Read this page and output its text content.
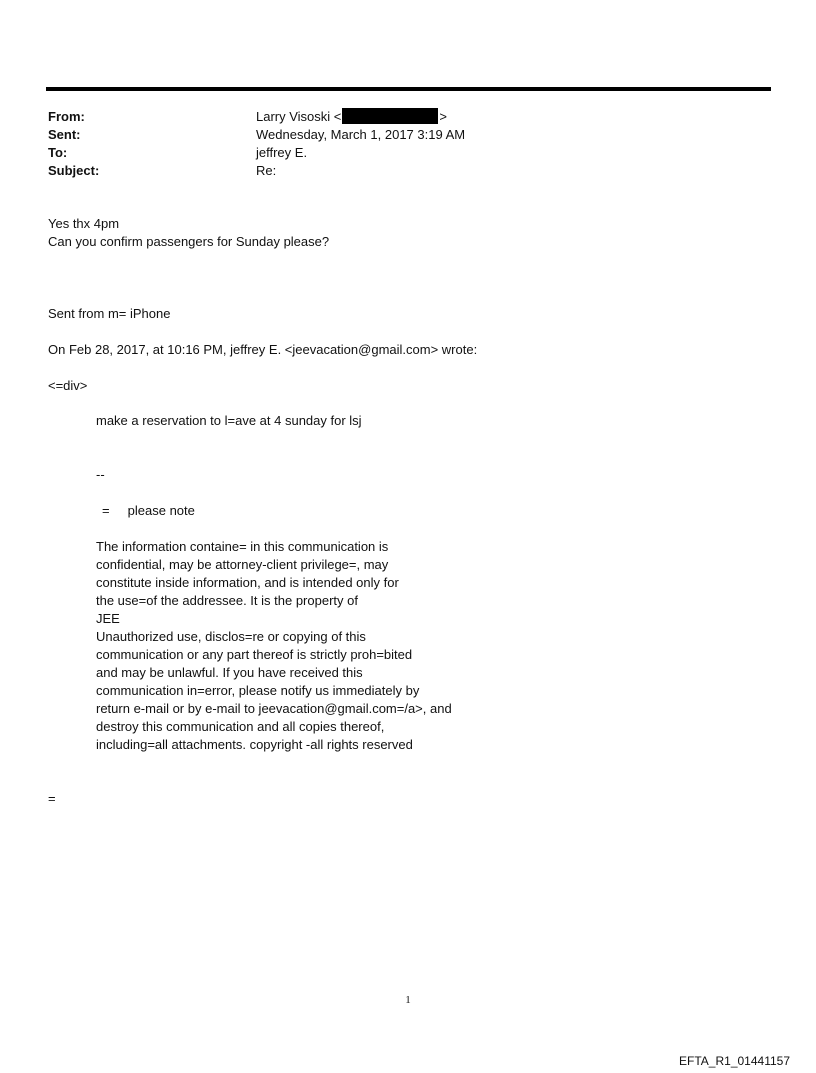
From:	Larry Visoski <	>
Sent:	Wednesday, March 1, 2017 3:19 AM
To:	jeffrey E.
Subject:	Re:
Yes thx 4pm
Can you confirm passengers for Sunday please?
Sent from m= iPhone
On Feb 28, 2017, at 10:16 PM, jeffrey E. <jeevacation@gmail.com> wrote:
<=div>
make a reservation to l=ave at 4 sunday for lsj
--
=     please note
The information containe= in this communication is
confidential, may be attorney-client privilege=, may
constitute inside information, and is intended only for
the use=of the addressee. It is the property of
JEE
Unauthorized use, disclos=re or copying of this
communication or any part thereof is strictly proh=bited
and may be unlawful. If you have received this
communication in=error, please notify us immediately by
return e-mail or by e-mail to jeevacation@gmail.com=/a>, and
destroy this communication and all copies thereof,
including=all attachments. copyright -all rights reserved
=
1
EFTA_R1_01441157
